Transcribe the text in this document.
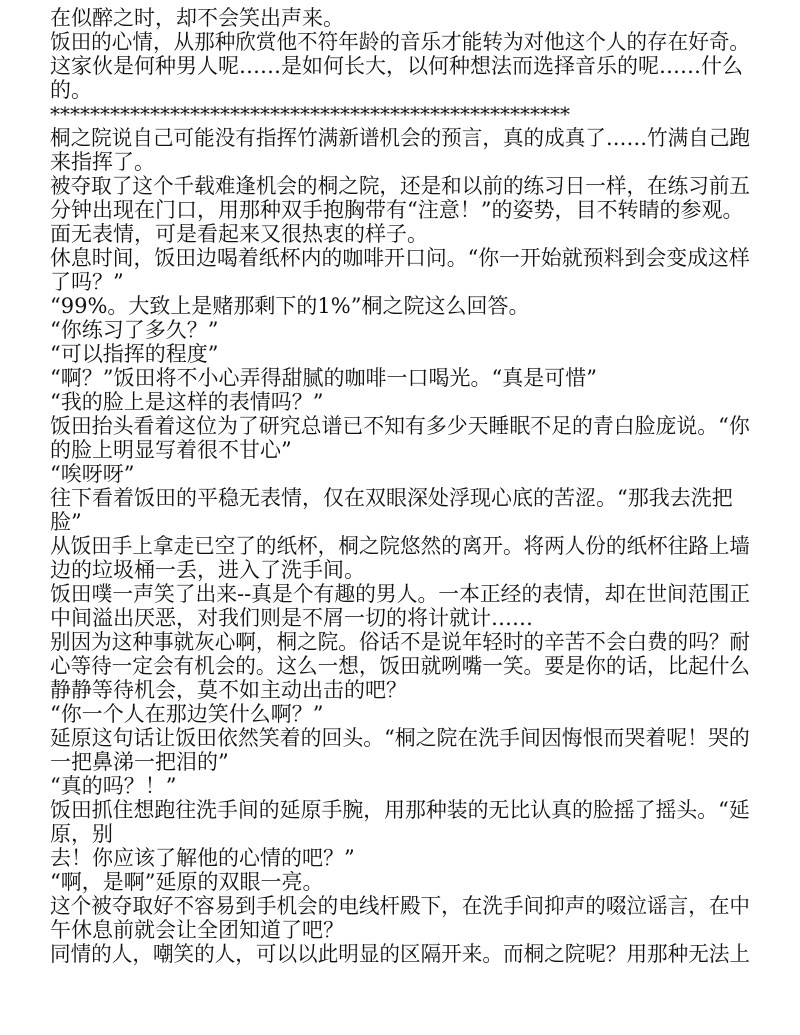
在似醉之时，却不会笑出声来。
饭田的心情，从那种欣赏他不符年龄的音乐才能转为对他这个人的存在好奇。
这家伙是何种男人呢……是如何长大，以何种想法而选择音乐的呢……什么
的。
****************************************************
桐之院说自己可能没有指挥竹满新谱机会的预言，真的成真了……竹满自己跑
来指挥了。
被夺取了这个千载难逢机会的桐之院，还是和以前的练习日一样，在练习前五
分钟出现在门口，用那种双手抱胸带有“注意！”的姿势，目不转睛的参观。
面无表情，可是看起来又很热衷的样子。
休息时间，饭田边喝着纸杯内的咖啡开口问。“你一开始就预料到会变成这样
了吗？”
“99%。大致上是赌那剩下的1%”桐之院这么回答。
“你练习了多久？”
“可以指挥的程度”
“啊？”饭田将不小心弄得甜腻的咖啡一口喝光。“真是可惜”
“我的脸上是这样的表情吗？”
饭田抬头看着这位为了研究总谱已不知有多少天睡眠不足的青白脸庞说。“你
的脸上明显写着很不甘心”
“唉呀呀”
往下看着饭田的平稳无表情，仅在双眼深处浮现心底的苦涩。“那我去洗把
脸”
从饭田手上拿走已空了的纸杯，桐之院悠然的离开。将两人份的纸杯往路上墙
边的垃圾桶一丢，进入了洗手间。
饭田噗一声笑了出来--真是个有趣的男人。一本正经的表情，却在世间范围正
中间溢出厌恶，对我们则是不屑一切的将计就计……
别因为这种事就灰心啊，桐之院。俗话不是说年轻时的辛苦不会白费的吗？耐
心等待一定会有机会的。这么一想，饭田就咧嘴一笑。要是你的话，比起什么
静静等待机会，莫不如主动出击的吧？
“你一个人在那边笑什么啊？”
延原这句话让饭田依然笑着的回头。“桐之院在洗手间因悔恨而哭着呢！哭的
一把鼻涕一把泪的”
“真的吗？！”
饭田抓住想跑往洗手间的延原手腕，用那种装的无比认真的脸摇了摇头。“延
原，别
去！你应该了解他的心情的吧？”
“啊，是啊”延原的双眼一亮。
这个被夺取好不容易到手机会的电线杆殿下，在洗手间抑声的啜泣谣言，在中
午休息前就会让全团知道了吧？
同情的人，嘲笑的人，可以以此明显的区隔开来。而桐之院呢？用那种无法上
